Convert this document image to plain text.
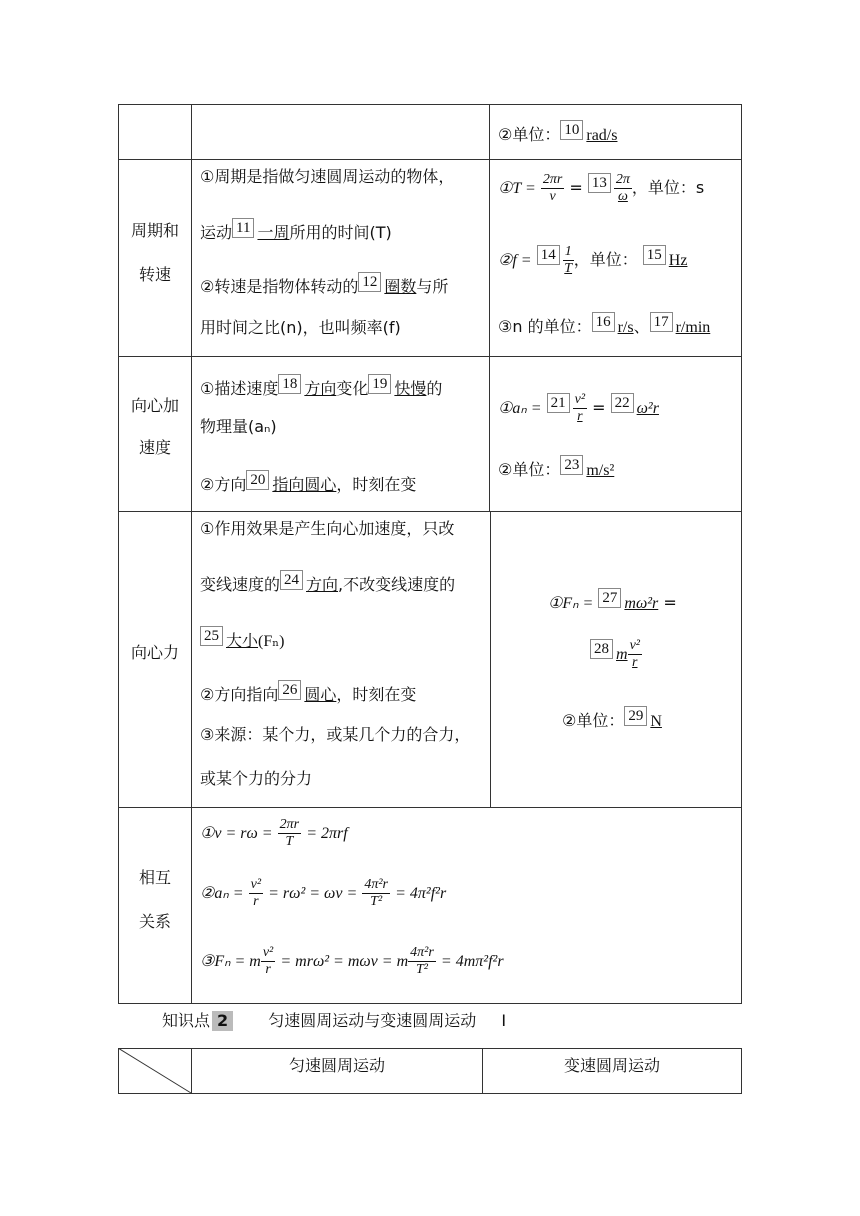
②单位： 10 rad/s
周期和
转速
①周期是指做匀速圆周运动的物体，
运动 11 一周所用的时间(T)
②转速是指物体转动的 12 圈数与所
用时间之比(n)，也叫频率(f)
①T = $\frac{2\pi r}{v} = 13 \frac{2\pi}{\omega}$ ，单位：s
②f = $14 \frac{1}{T}$ ，单位： 15 Hz
③n 的单位： 16 r/s、 17 r/min
向心加
速度
①描述速度 18 方向变化 19 快慢的
物理量(aₙ)
②方向 20 指向圆心，时刻在变
①aₙ = $21 \frac{\text{v²}}{r} = 22$ ω²r
②单位： 23 m/s²
向心力
①作用效果是产生向心加速度，只改
变线速度的 24 方向,不改变线速度的
25 大小(Fₙ)
②方向指向 26 圆心，时刻在变
③来源：某个力，或某几个力的合力，
或某个力的分力
①Fₙ = 27 mω²r =
28 m $\frac{\text{v²}}{r}$
②单位： 29 N
相互
关系
①v = $r\omega = \frac{2\pi r}{T} = 2\pi rf$
②aₙ = $\frac{\text{v²}}{r} = r\omega^2 = \omega v = \frac{\text{4π²r}}{\text{T²}} = 4\pi^2f^2r$
③Fₙ = m $\frac{\text{v²}}{r} = mr\omega^2 = m\omega v = m \frac{\text{4π²r}}{\text{T²}} = 4m\pi^2f^2r$
知识点 2	匀速圆周运动与变速圆周运动 Ⅰ
匀速圆周运动	变速圆周运动
